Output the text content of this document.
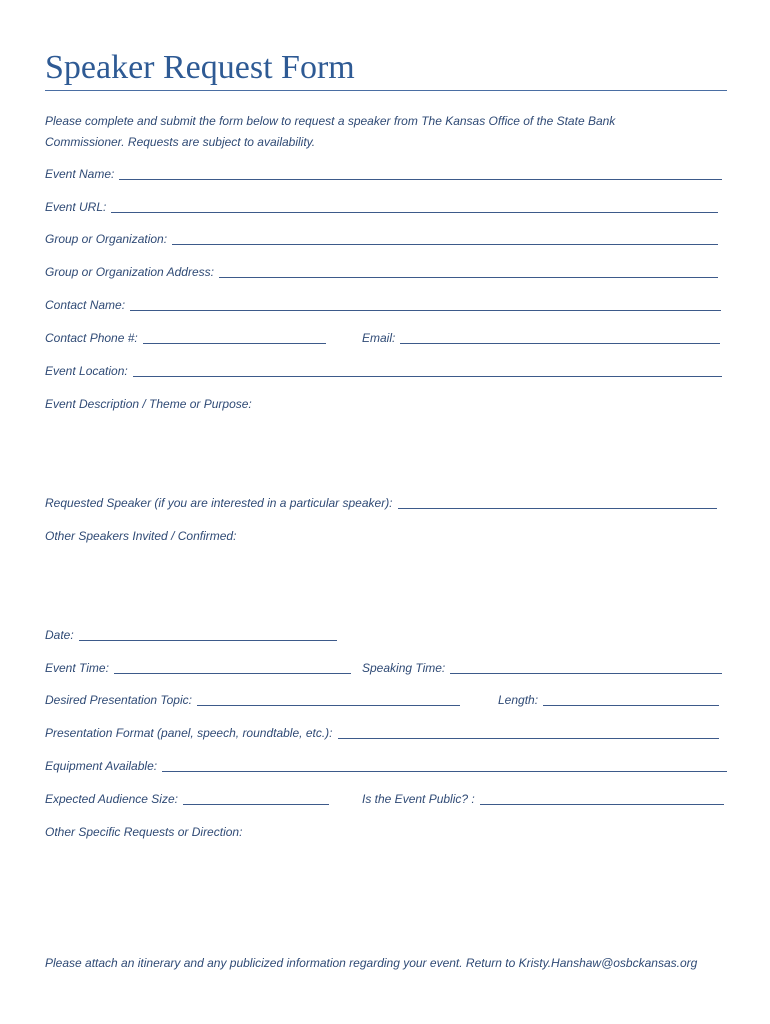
Speaker Request Form
Please complete and submit the form below to request a speaker from The Kansas Office of the State Bank Commissioner. Requests are subject to availability.
Event Name:
Event URL:
Group or Organization:
Group or Organization Address:
Contact Name:
Contact Phone #:	Email:
Event Location:
Event Description / Theme or Purpose:
Requested Speaker (if you are interested in a particular speaker):
Other Speakers Invited / Confirmed:
Date:
Event Time:	Speaking Time:
Desired Presentation Topic:	Length:
Presentation Format (panel, speech, roundtable, etc.):
Equipment Available:
Expected Audience Size:	Is the Event Public? :
Other Specific Requests or Direction:
Please attach an itinerary and any publicized information regarding your event. Return to Kristy.Hanshaw@osbckansas.org
